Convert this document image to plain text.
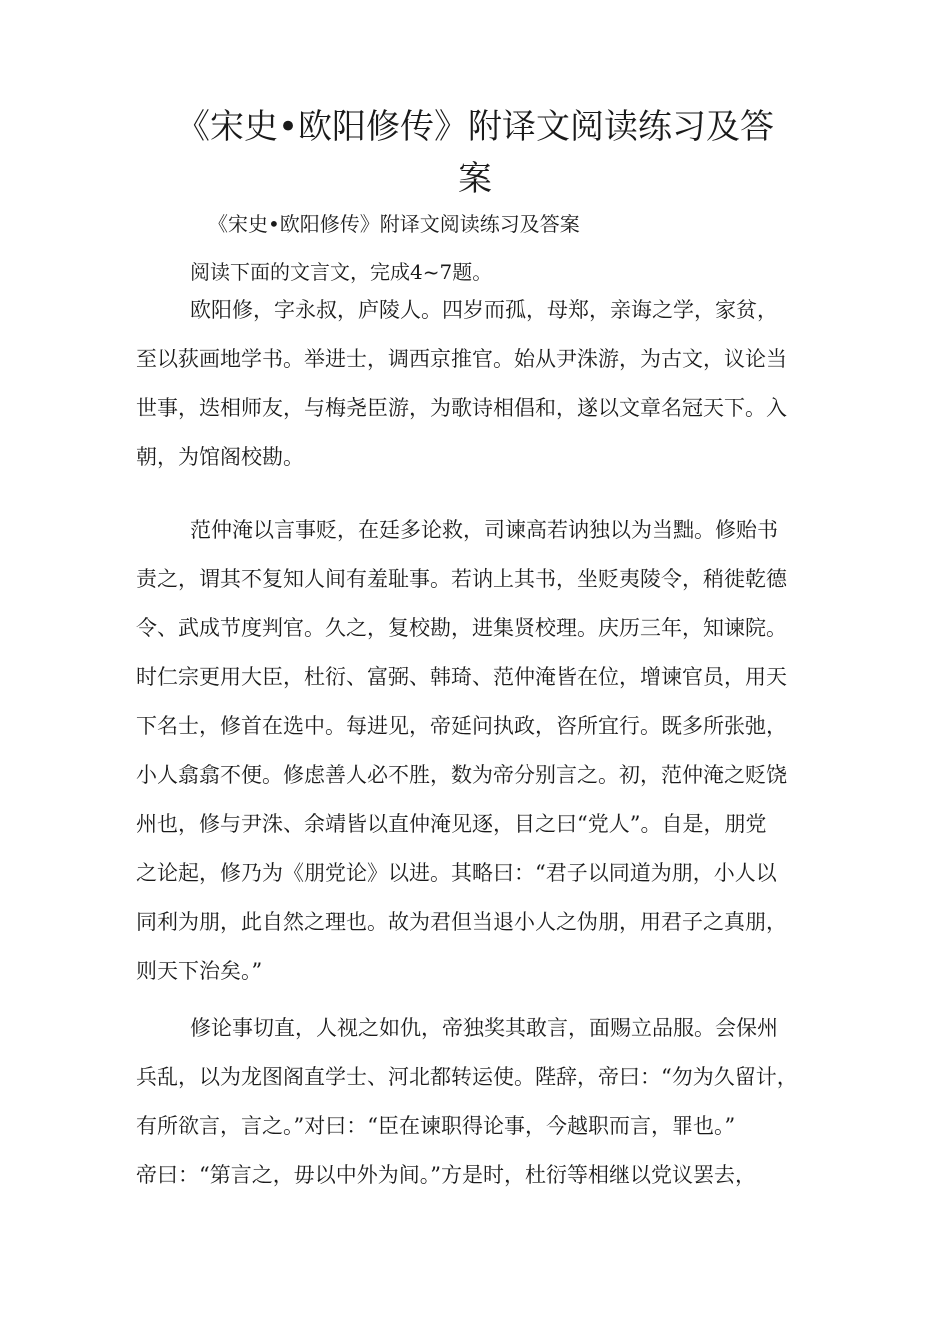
《宋史•欧阳修传》附译文阅读练习及答
案
《宋史•欧阳修传》附译文阅读练习及答案
阅读下面的文言文，完成4~7题。
欧阳修，字永叔，庐陵人。四岁而孤，母郑，亲诲之学，家贫，
至以荻画地学书。举进士，调西京推官。始从尹洙游，为古文，议论当
世事，迭相师友，与梅尧臣游，为歌诗相倡和，遂以文章名冠天下。入
朝，为馆阁校勘。
范仲淹以言事贬，在廷多论救，司谏高若讷独以为当黜。修贻书
责之，谓其不复知人间有羞耻事。若讷上其书，坐贬夷陵令，稍徙乾德
令、武成节度判官。久之，复校勘，进集贤校理。庆历三年，知谏院。
时仁宗更用大臣，杜衍、富弼、韩琦、范仲淹皆在位，增谏官员，用天
下名士，修首在选中。每进见，帝延问执政，咨所宜行。既多所张弛，
小人翕翕不便。修虑善人必不胜，数为帝分别言之。初，范仲淹之贬饶
州也，修与尹洙、余靖皆以直仲淹见逐，目之曰“党人”。自是，朋党
之论起，修乃为《朋党论》以进。其略曰：“君子以同道为朋，小人以
同利为朋，此自然之理也。故为君但当退小人之伪朋，用君子之真朋，
则天下治矣。”
修论事切直，人视之如仇，帝独奖其敢言，面赐立品服。会保州
兵乱，以为龙图阁直学士、河北都转运使。陛辞，帝曰：“勿为久留计，
有所欲言，言之。”对曰：“臣在谏职得论事，今越职而言，罪也。”
帝曰：“第言之，毋以中外为间。”方是时，杜衍等相继以党议罢去，
